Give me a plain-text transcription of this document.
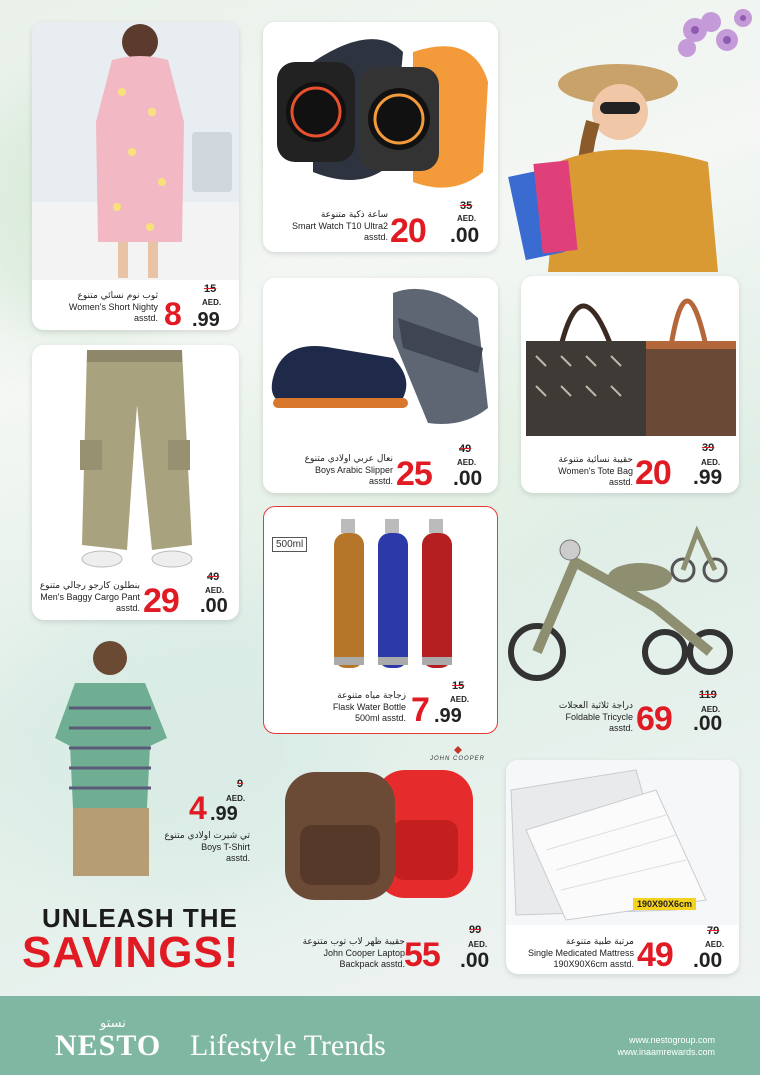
ثوب نوم نسائي متنوع
Women's Short Nighty
asstd.
15
AED.
8 .99
ساعة ذكية متنوعة
Smart Watch T10 Ultra2
asstd.
35
AED.
20 .00
نعال عربي اولادي متنوع
Boys Arabic Slipper
asstd.
49
AED.
25 .00
حقيبة نسائية متنوعة
Women's Tote Bag
asstd.
39
AED.
20 .99
بنطلون كارجو رجالي متنوع
Men's Baggy Cargo Pant
asstd.
49
AED.
29 .00
500ml
زجاجة مياه متنوعة
Flask Water Bottle
500ml asstd.
15
AED.
7 .99	دراجة ثلاثية العجلات
Foldable Tricycle
asstd.
119
AED.
69 .00
9
AED.
4 .99
تي شيرت اولادي متنوع
Boys T-Shirt
asstd.
JOHN COOPER
حقيبة ظهر لاب توب متنوعة
John Cooper Laptop
Backpack asstd.
99
AED.
55 .00
190X90X6cm
مرتبة طبية متنوعة
Single Medicated Mattress
190X90X6cm asstd.
79
AED.
49 .00
UNLEASH THE
SAVINGS!
نستو
NESTO Lifestyle Trends	www.nestogroup.com
www.inaamrewards.com
